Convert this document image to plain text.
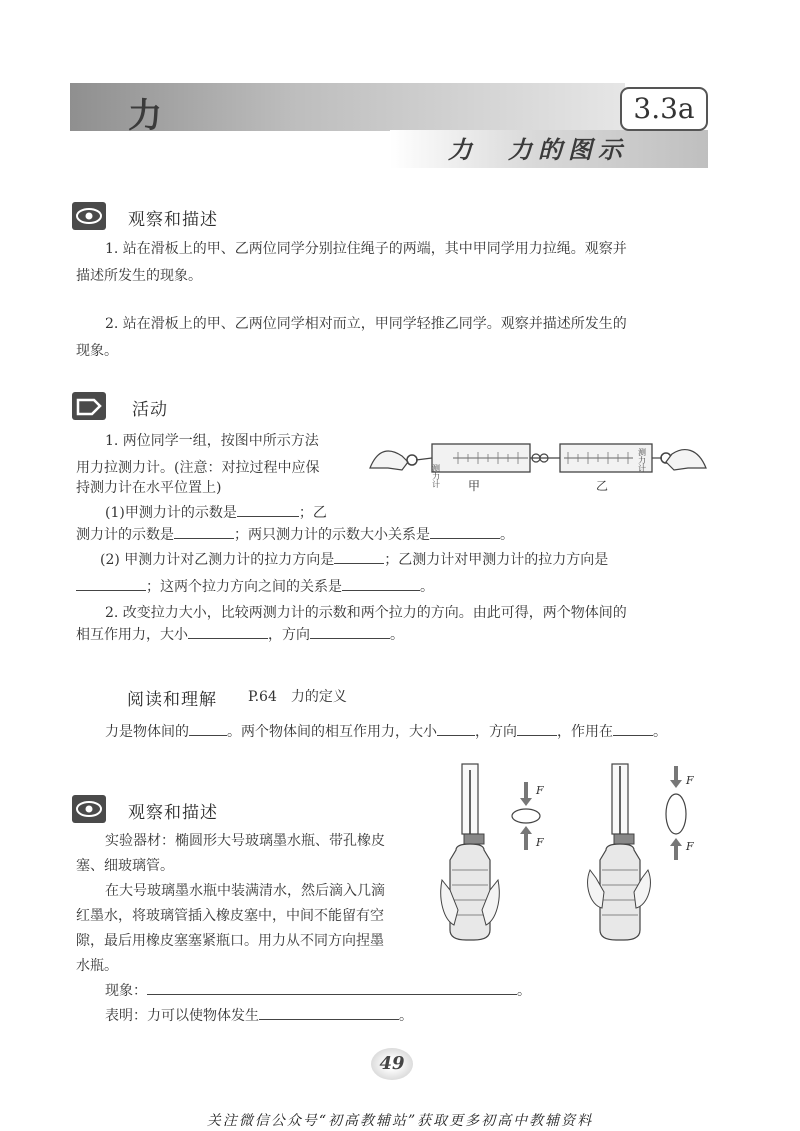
力	3.3a
力　力的图示
观察和描述
1. 站在滑板上的甲、乙两位同学分别拉住绳子的两端，其中甲同学用力拉绳。观察并
描述所发生的现象。
2. 站在滑板上的甲、乙两位同学相对而立，甲同学轻推乙同学。观察并描述所发生的
现象。
活动
1. 两位同学一组，按图中所示方法
用力拉测力计。(注意：对拉过程中应保
持测力计在水平位置上)	测力计
测力计
甲	乙
(1)甲测力计的示数是	；乙
测力计的示数是	；两只测力计的示数大小关系是	。
(2) 甲测力计对乙测力计的拉力方向是	；乙测力计对甲测力计的拉力方向是
；这两个拉力方向之间的关系是	。
2. 改变拉力大小，比较两测力计的示数和两个拉力的方向。由此可得，两个物体间的
相互作用力，大小	，方向	。
阅读和理解 P.64　力的定义
力是物体间的	。两个物体间的相互作用力，大小	，方向	，作用在	。
观察和描述
实验器材：椭圆形大号玻璃墨水瓶、带孔橡皮
塞、细玻璃管。
在大号玻璃墨水瓶中装满清水，然后滴入几滴
红墨水，将玻璃管插入橡皮塞中，中间不能留有空
隙，最后用橡皮塞塞紧瓶口。用力从不同方向捏墨
水瓶。
现象：	。
表明：力可以使物体发生	。
F
F
F
F
49
关注微信公众号“初高教辅站”获取更多初高中教辅资料
